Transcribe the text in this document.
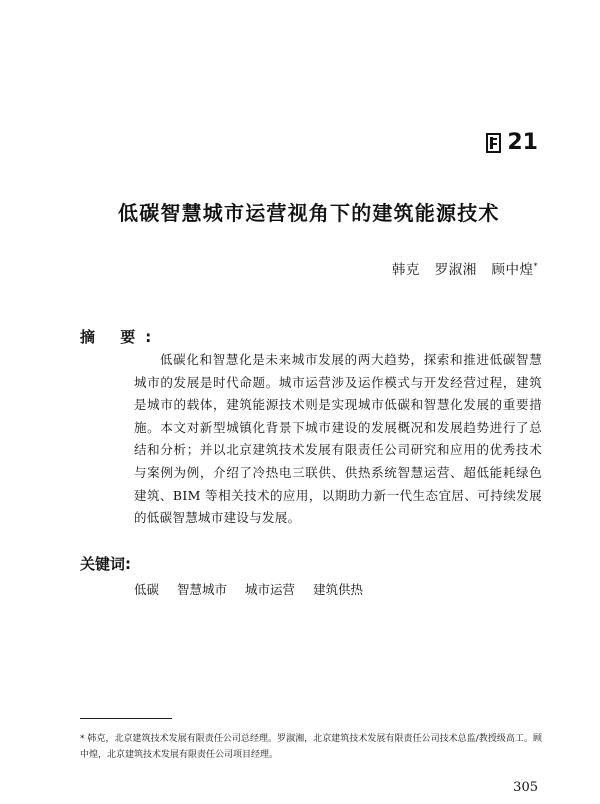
21
低碳智慧城市运营视角下的建筑能源技术
韩克 罗淑湘 顾中煌*
摘 要:
低碳化和智慧化是未来城市发展的两大趋势，探索和推进低碳智慧城市的发展是时代命题。城市运营涉及运作模式与开发经营过程，建筑是城市的载体，建筑能源技术则是实现城市低碳和智慧化发展的重要措施。本文对新型城镇化背景下城市建设的发展概况和发展趋势进行了总结和分析；并以北京建筑技术发展有限责任公司研究和应用的优秀技术与案例为例，介绍了冷热电三联供、供热系统智慧运营、超低能耗绿色建筑、BIM 等相关技术的应用，以期助力新一代生态宜居、可持续发展的低碳智慧城市建设与发展。
关键词:
低碳 智慧城市 城市运营 建筑供热
* 韩克，北京建筑技术发展有限责任公司总经理。罗淑湘，北京建筑技术发展有限责任公司技术总监/教授级高工。顾中煌，北京建筑技术发展有限责任公司项目经理。
305
